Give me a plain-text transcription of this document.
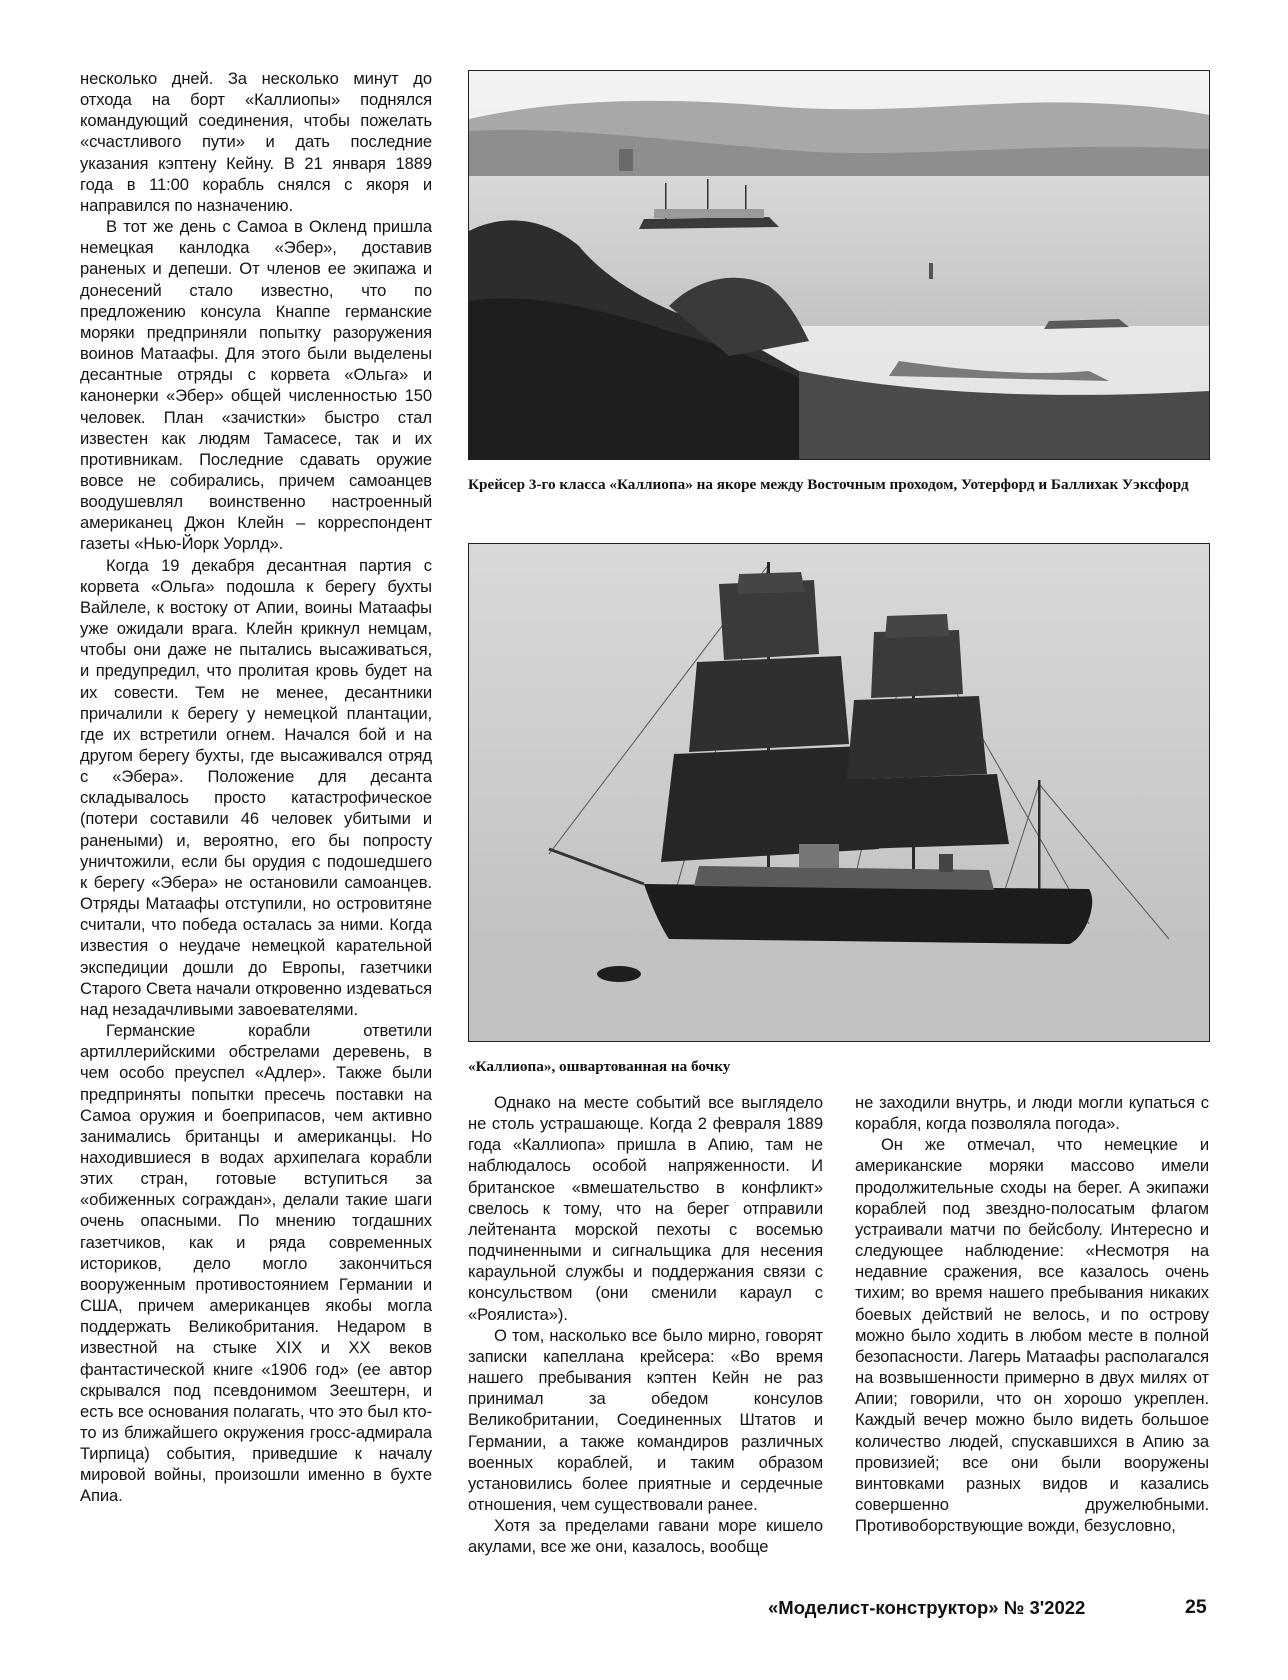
несколько дней. За несколько минут до отхода на борт «Каллиопы» поднялся командующий соединения, чтобы пожелать «счастливого пути» и дать последние указания кэптену Кейну. В 21 января 1889 года в 11:00 корабль снялся с якоря и направился по назначению.

В тот же день с Самоа в Окленд пришла немецкая канлодка «Эбер», доставив раненых и депеши. От членов ее экипажа и донесений стало известно, что по предложению консула Кнаппе германские моряки предприняли попытку разоружения воинов Матаафы. Для этого были выделены десантные отряды с корвета «Ольга» и канонерки «Эбер» общей численностью 150 человек. План «зачистки» быстро стал известен как людям Тамасесе, так и их противникам. Последние сдавать оружие вовсе не собирались, причем самоанцев воодушевлял воинственно настроенный американец Джон Клейн – корреспондент газеты «Нью-Йорк Уорлд».

Когда 19 декабря десантная партия с корвета «Ольга» подошла к берегу бухты Вайлеле, к востоку от Апии, воины Матаафы уже ожидали врага. Клейн крикнул немцам, чтобы они даже не пытались высаживаться, и предупредил, что пролитая кровь будет на их совести. Тем не менее, десантники причалили к берегу у немецкой плантации, где их встретили огнем. Начался бой и на другом берегу бухты, где высаживался отряд с «Эбера». Положение для десанта складывалось просто катастрофическое (потери составили 46 человек убитыми и ранеными) и, вероятно, его бы попросту уничтожили, если бы орудия с подошедшего к берегу «Эбера» не остановили самоанцев. Отряды Матаафы отступили, но островитяне считали, что победа осталась за ними. Когда известия о неудаче немецкой карательной экспедиции дошли до Европы, газетчики Старого Света начали откровенно издеваться над незадачливыми завоевателями.

Германские корабли ответили артиллерийскими обстрелами деревень, в чем особо преуспел «Адлер». Также были предприняты попытки пресечь поставки на Самоа оружия и боеприпасов, чем активно занимались британцы и американцы. Но находившиеся в водах архипелага корабли этих стран, готовые вступиться за «обиженных сограждан», делали такие шаги очень опасными. По мнению тогдашних газетчиков, как и ряда современных историков, дело могло закончиться вооруженным противостоянием Германии и США, причем американцев якобы могла поддержать Великобритания. Недаром в известной на стыке XIX и XX веков фантастической книге «1906 год» (ее автор скрывался под псевдонимом Зеештерн, и есть все основания полагать, что это был кто-то из ближайшего окружения гросс-адмирала Тирпица) события, приведшие к началу мировой войны, произошли именно в бухте Апиа.

Крейсер 3-го класса «Каллиопа» на якоре между Восточным проходом, Уотерфорд и Баллихак Уэксфорд
«Каллиопа», ошвартованная на бочку

Однако на месте событий все выглядело не столь устрашающе. Когда 2 февраля 1889 года «Каллиопа» пришла в Апию, там не наблюдалось особой напряженности. И британское «вмешательство в конфликт» свелось к тому, что на берег отправили лейтенанта морской пехоты с восемью подчиненными и сигнальщика для несения караульной службы и поддержания связи с консульством (они сменили караул с «Роялиста»).

О том, насколько все было мирно, говорят записки капеллана крейсера: «Во время нашего пребывания кэптен Кейн не раз принимал за обедом консулов Великобритании, Соединенных Штатов и Германии, а также командиров различных военных кораблей, и таким образом установились более приятные и сердечные отношения, чем существовали ранее.

Хотя за пределами гавани море кишело акулами, все же они, казалось, вообще

не заходили внутрь, и люди могли купаться с корабля, когда позволяла погода».

Он же отмечал, что немецкие и американские моряки массово имели продолжительные сходы на берег. А экипажи кораблей под звездно-полосатым флагом устраивали матчи по бейсболу. Интересно и следующее наблюдение: «Несмотря на недавние сражения, все казалось очень тихим; во время нашего пребывания никаких боевых действий не велось, и по острову можно было ходить в любом месте в полной безопасности. Лагерь Матаафы располагался на возвышенности примерно в двух милях от Апии; говорили, что он хорошо укреплен. Каждый вечер можно было видеть большое количество людей, спускавшихся в Апию за провизией; все они были вооружены винтовками разных видов и казались совершенно дружелюбными. Противоборствующие вожди, безусловно,

«Моделист-конструктор» № 3'2022	25
